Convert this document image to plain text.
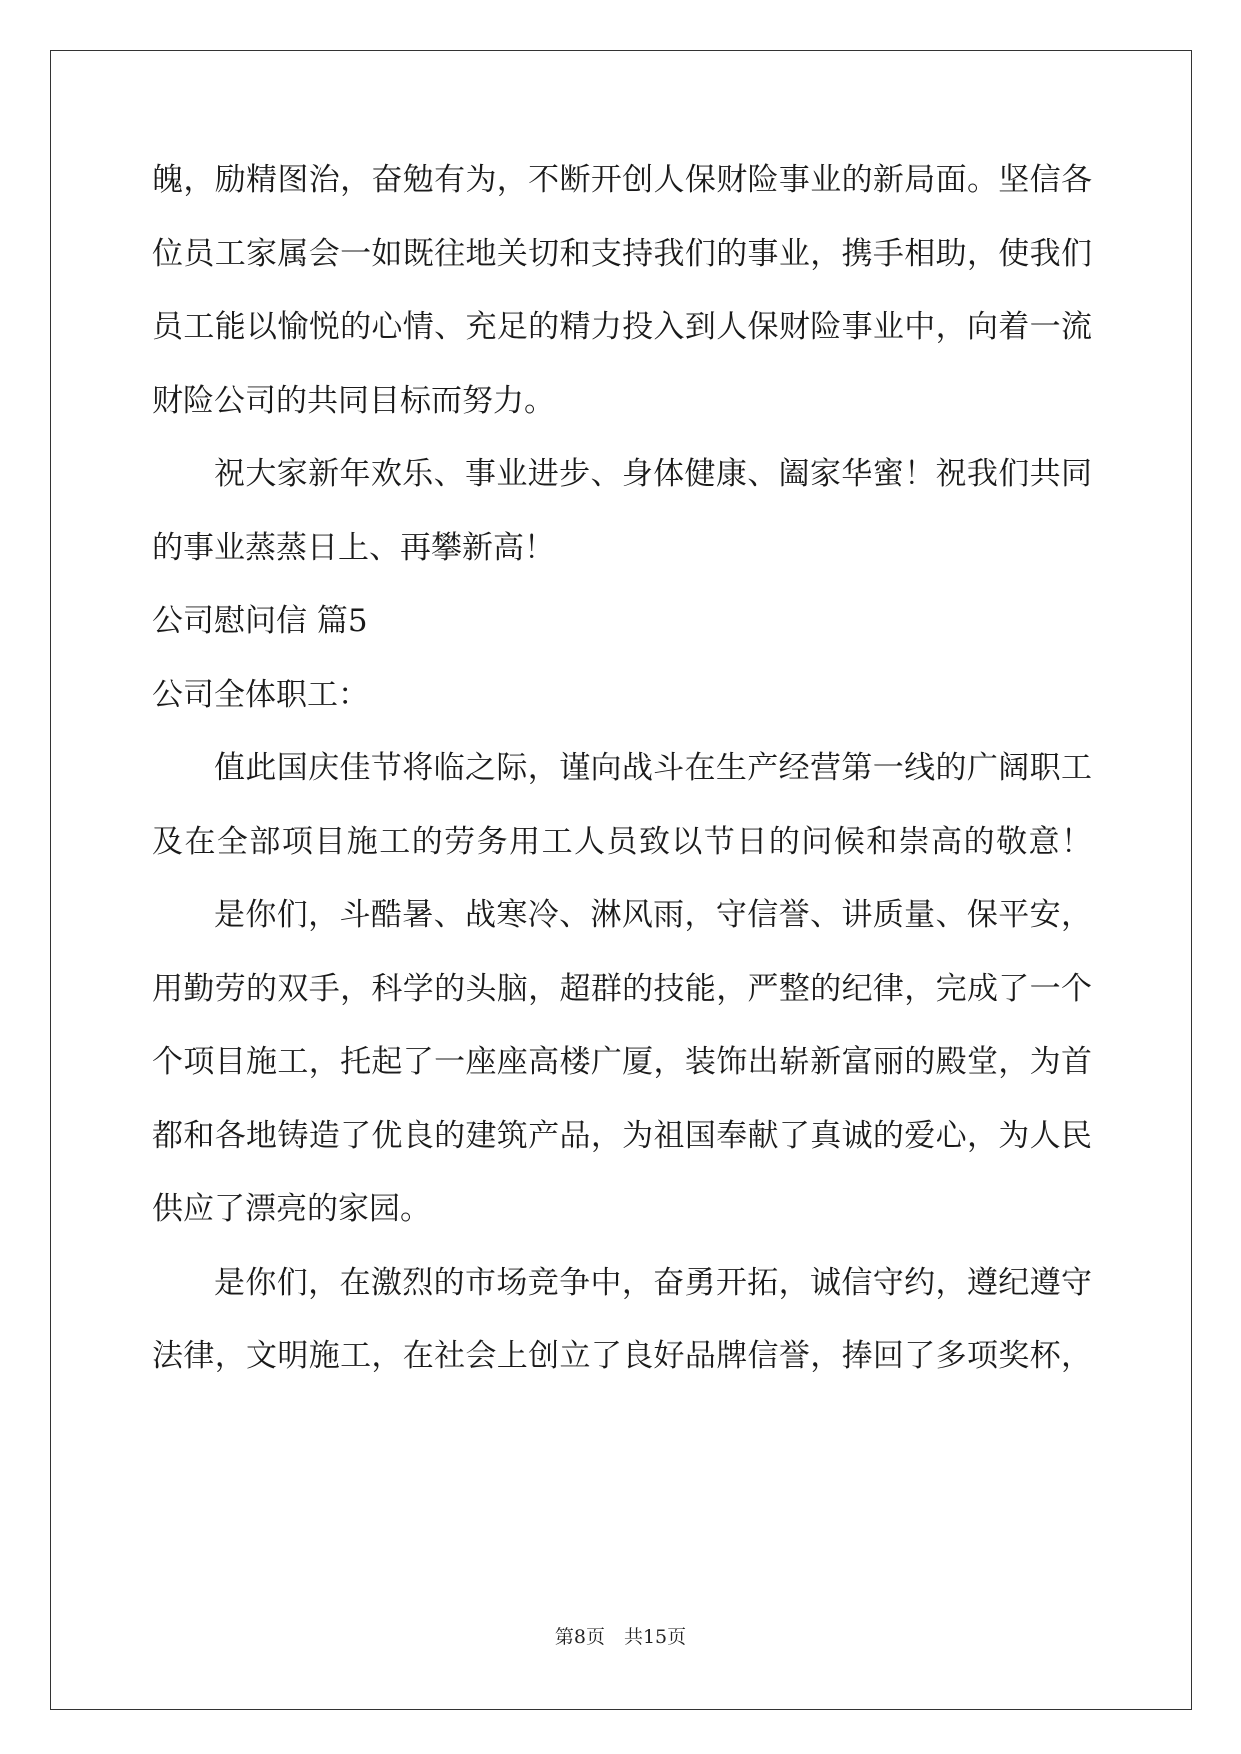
魄，励精图治，奋勉有为，不断开创人保财险事业的新局面。坚信各
位员工家属会一如既往地关切和支持我们的事业，携手相助，使我们
员工能以愉悦的心情、充足的精力投入到人保财险事业中，向着一流
财险公司的共同目标而努力。
祝大家新年欢乐、事业进步、身体健康、阖家华蜜！祝我们共同
的事业蒸蒸日上、再攀新高！
公司慰问信 篇5
公司全体职工：
值此国庆佳节将临之际，谨向战斗在生产经营第一线的广阔职工
及在全部项目施工的劳务用工人员致以节日的问候和崇高的敬意！
是你们，斗酷暑、战寒冷、淋风雨，守信誉、讲质量、保平安，
用勤劳的双手，科学的头脑，超群的技能，严整的纪律，完成了一个
个项目施工，托起了一座座高楼广厦，装饰出崭新富丽的殿堂，为首
都和各地铸造了优良的建筑产品，为祖国奉献了真诚的爱心，为人民
供应了漂亮的家园。
是你们，在激烈的市场竞争中，奋勇开拓，诚信守约，遵纪遵守
法律，文明施工，在社会上创立了良好品牌信誉，捧回了多项奖杯，
第8页　共15页
